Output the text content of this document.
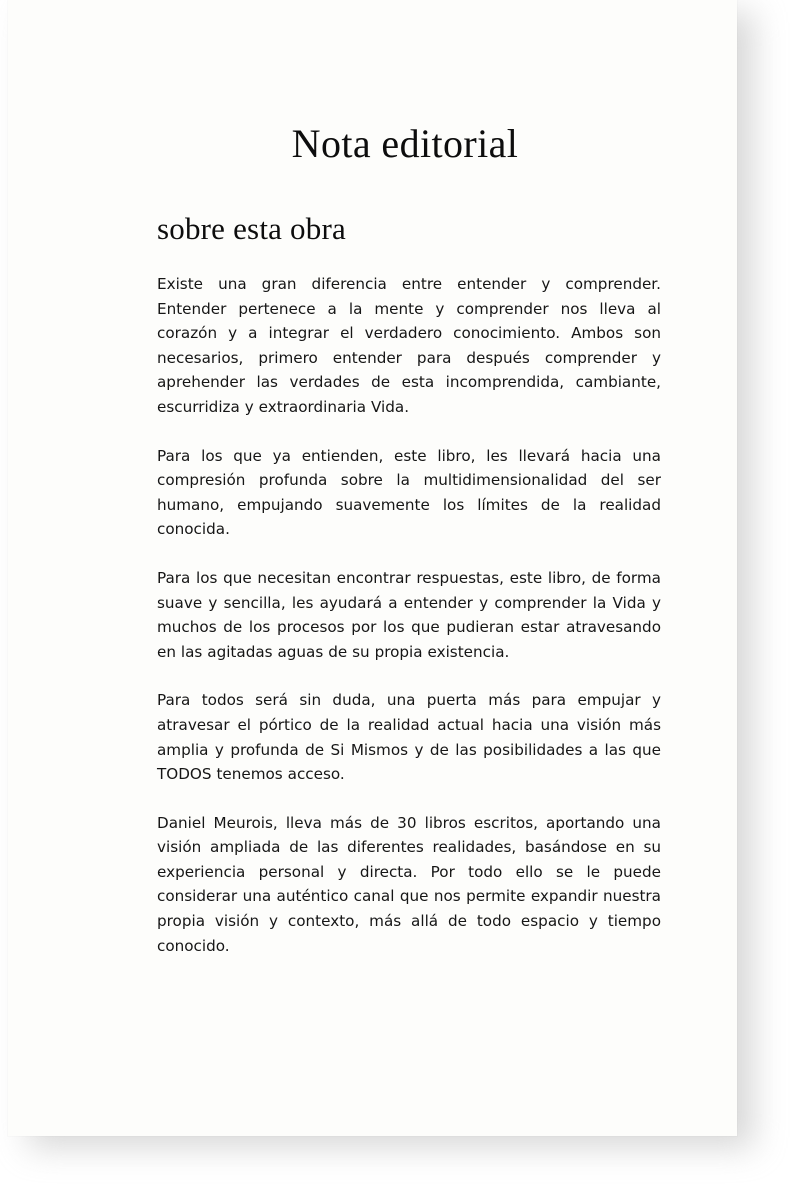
Nota editorial
sobre esta obra

Existe una gran diferencia entre entender y comprender. Entender pertenece a la mente y comprender nos lleva al corazón y a integrar el verdadero conocimiento. Ambos son necesarios, primero entender para después comprender y aprehender las verdades de esta incomprendida, cambiante, escurridiza y extraordinaria Vida.

Para los que ya entienden, este libro, les llevará hacia una compresión profunda sobre la multidimensionalidad del ser humano, empujando suavemente los límites de la realidad conocida.

Para los que necesitan encontrar respuestas, este libro, de forma suave y sencilla, les ayudará a entender y comprender la Vida y muchos de los procesos por los que pudieran estar atravesando en las agitadas aguas de su propia existencia.

Para todos será sin duda, una puerta más para empujar y atravesar el pórtico de la realidad actual hacia una visión más amplia y profunda de Si Mismos y de las posibilidades a las que TODOS tenemos acceso.

Daniel Meurois, lleva más de 30 libros escritos, aportando una visión ampliada de las diferentes realidades, basándose en su experiencia personal y directa. Por todo ello se le puede considerar una auténtico canal que nos permite expandir nuestra propia visión y contexto, más allá de todo espacio y tiempo conocido.
